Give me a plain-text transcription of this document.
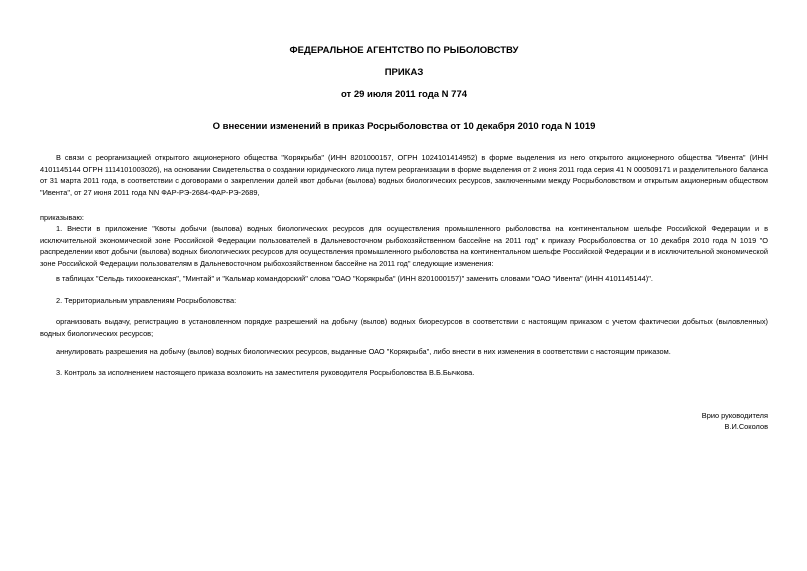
ФЕДЕРАЛЬНОЕ АГЕНТСТВО ПО РЫБОЛОВСТВУ

ПРИКАЗ

от 29 июля 2011 года N 774

О внесении изменений в приказ Росрыболовства от 10 декабря 2010 года N 1019

В связи с реорганизацией открытого акционерного общества "Корякрыба" (ИНН 8201000157, ОГРН 1024101414952) в форме выделения из него открытого акционерного общества "Ивента" (ИНН 4101145144 ОГРН 1114101003026), на основании Свидетельства о создании юридического лица путем реорганизации в форме выделения от 2 июня 2011 года серия 41 N 000509171 и разделительного баланса от 31 марта 2011 года, в соответствии с договорами о закреплении долей квот добычи (вылова) водных биологических ресурсов, заключенными между Росрыболовством и открытым акционерным обществом "Ивента", от 27 июня 2011 года NN ФАР-РЭ-2684-ФАР-РЭ-2689,

приказываю:

1. Внести в приложение "Квоты добычи (вылова) водных биологических ресурсов для осуществления промышленного рыболовства на континентальном шельфе Российской Федерации и в исключительной экономической зоне Российской Федерации пользователей в Дальневосточном рыбохозяйственном бассейне на 2011 год" к приказу Росрыболовства от 10 декабря 2010 года N 1019 "О распределении квот добычи (вылова) водных биологических ресурсов для осуществления промышленного рыболовства на континентальном шельфе Российской Федерации и в исключительной экономической зоне Российской Федерации пользователям в Дальневосточном рыбохозяйственном бассейне на 2011 год" следующие изменения:

в таблицах "Сельдь тихоокеанская", "Минтай" и "Кальмар командорский" слова "ОАО "Корякрыба" (ИНН 8201000157)" заменить словами "ОАО "Ивента" (ИНН 4101145144)".

2. Территориальным управлениям Росрыболовства:

организовать выдачу, регистрацию в установленном порядке разрешений на добычу (вылов) водных биоресурсов в соответствии с настоящим приказом с учетом фактически добытых (выловленных) водных биологических ресурсов;

аннулировать разрешения на добычу (вылов) водных биологических ресурсов, выданные ОАО "Корякрыба", либо внести в них изменения в соответствии с настоящим приказом.

3. Контроль за исполнением настоящего приказа возложить на заместителя руководителя Росрыболовства В.Б.Бычкова.

Врио руководителя

В.И.Соколов
